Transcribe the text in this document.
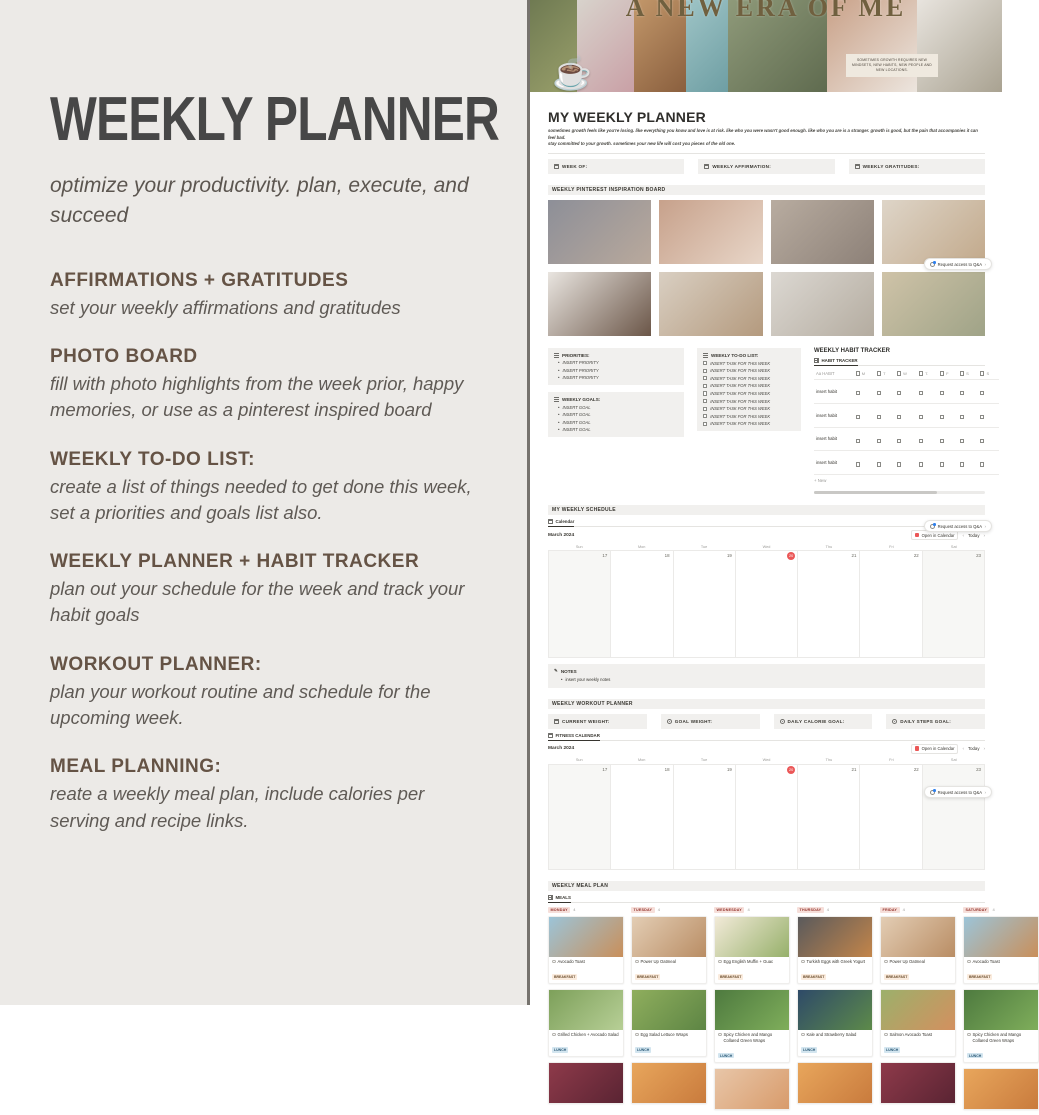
WEEKLY PLANNER
optimize your productivity. plan, execute, and succeed
AFFIRMATIONS + GRATITUDES
set your weekly affirmations and gratitudes
PHOTO BOARD
fill with photo highlights from the week prior, happy memories, or use as a pinterest inspired board
WEEKLY TO-DO LIST:
create a list of things needed to get done this week, set a priorities and goals list also.
WEEKLY PLANNER + HABIT TRACKER
plan out your schedule for the week and track your habit goals
WORKOUT PLANNER:
plan your workout routine and schedule for the upcoming week.
MEAL PLANNING:
reate a weekly meal plan, include calories per serving and recipe links.
A NEW ERA OF ME
SOMETIMES GROWTH REQUIRES NEW MINDSETS, NEW HABITS, NEW PEOPLE AND NEW LOCATIONS.
☕
MY WEEKLY PLANNER
sometimes growth feels like you're losing. like everything you know and love is at risk. like who you were wasn't good enough. like who you are is a stranger. growth is good, but the pain that accompanies it can feel bad.
stay committed to your growth. sometimes your new life will cost you pieces of the old one.
WEEK OF:	WEEKLY AFFIRMATION:	WEEKLY GRATITUDES:
WEEKLY PINTEREST INSPIRATION BOARD
PRIORITIES:
• INSERT PRIORITY
• INSERT PRIORITY
• INSERT PRIORITY
WEEKLY GOALS:
• INSERT GOAL
• INSERT GOAL
• INSERT GOAL
• INSERT GOAL
WEEKLY TO-DO LIST:
INSERT TASK FOR THIS WEEK
INSERT TASK FOR THIS WEEK
INSERT TASK FOR THIS WEEK
INSERT TASK FOR THIS WEEK
INSERT TASK FOR THIS WEEK
INSERT TASK FOR THIS WEEK
INSERT TASK FOR THIS WEEK
INSERT TASK FOR THIS WEEK
INSERT TASK FOR THIS WEEK
WEEKLY HABIT TRACKER
HABIT TRACKER
Aa HABIT	M	T	W	T.	F	S	S
insert habit							
insert habit							
insert habit							
insert habit							
+ New
MY WEEKLY SCHEDULE
Calendar
March 2024	Open in Calendar ‹ Today ›
Sun	Mon	Tue	Wed	Thu	Fri	Sat
17	18	19	20	21	22	23
✎ NOTES
• insert your weekly notes
WEEKLY WORKOUT PLANNER
CURRENT WEIGHT:	GOAL WEIGHT:	DAILY CALORIE GOAL:	DAILY STEPS GOAL:
FITNESS CALENDAR
March 2024	Open in Calendar ‹ Today ›
Sun	Mon	Tue	Wed	Thu	Fri	Sat
17	18	19	20	21	22	23
WEEKLY MEAL PLAN
MEALS
MONDAY	4
Avocado Toast
BREAKFAST
Grilled Chicken + Avocado Salad
LUNCH
TUESDAY	4
Power Up Oatmeal
BREAKFAST
Egg Salad Lettuce Wraps
LUNCH
WEDNESDAY	4
Egg English Muffin + Guac
BREAKFAST
Spicy Chicken and Mango Collared Green Wraps
LUNCH
THURSDAY	4
Turkish Eggs with Greek Yogurt
BREAKFAST
Kale and Strawberry Salad
LUNCH
FRIDAY	4
Power Up Oatmeal
BREAKFAST
Salmon Avocado Toast
LUNCH
SATURDAY	4
Avocado Toast
BREAKFAST
Spicy Chicken and Mango Collared Green Wraps
LUNCH
Request access to Q&A ›
Request access to Q&A ›
Request access to Q&A ›
